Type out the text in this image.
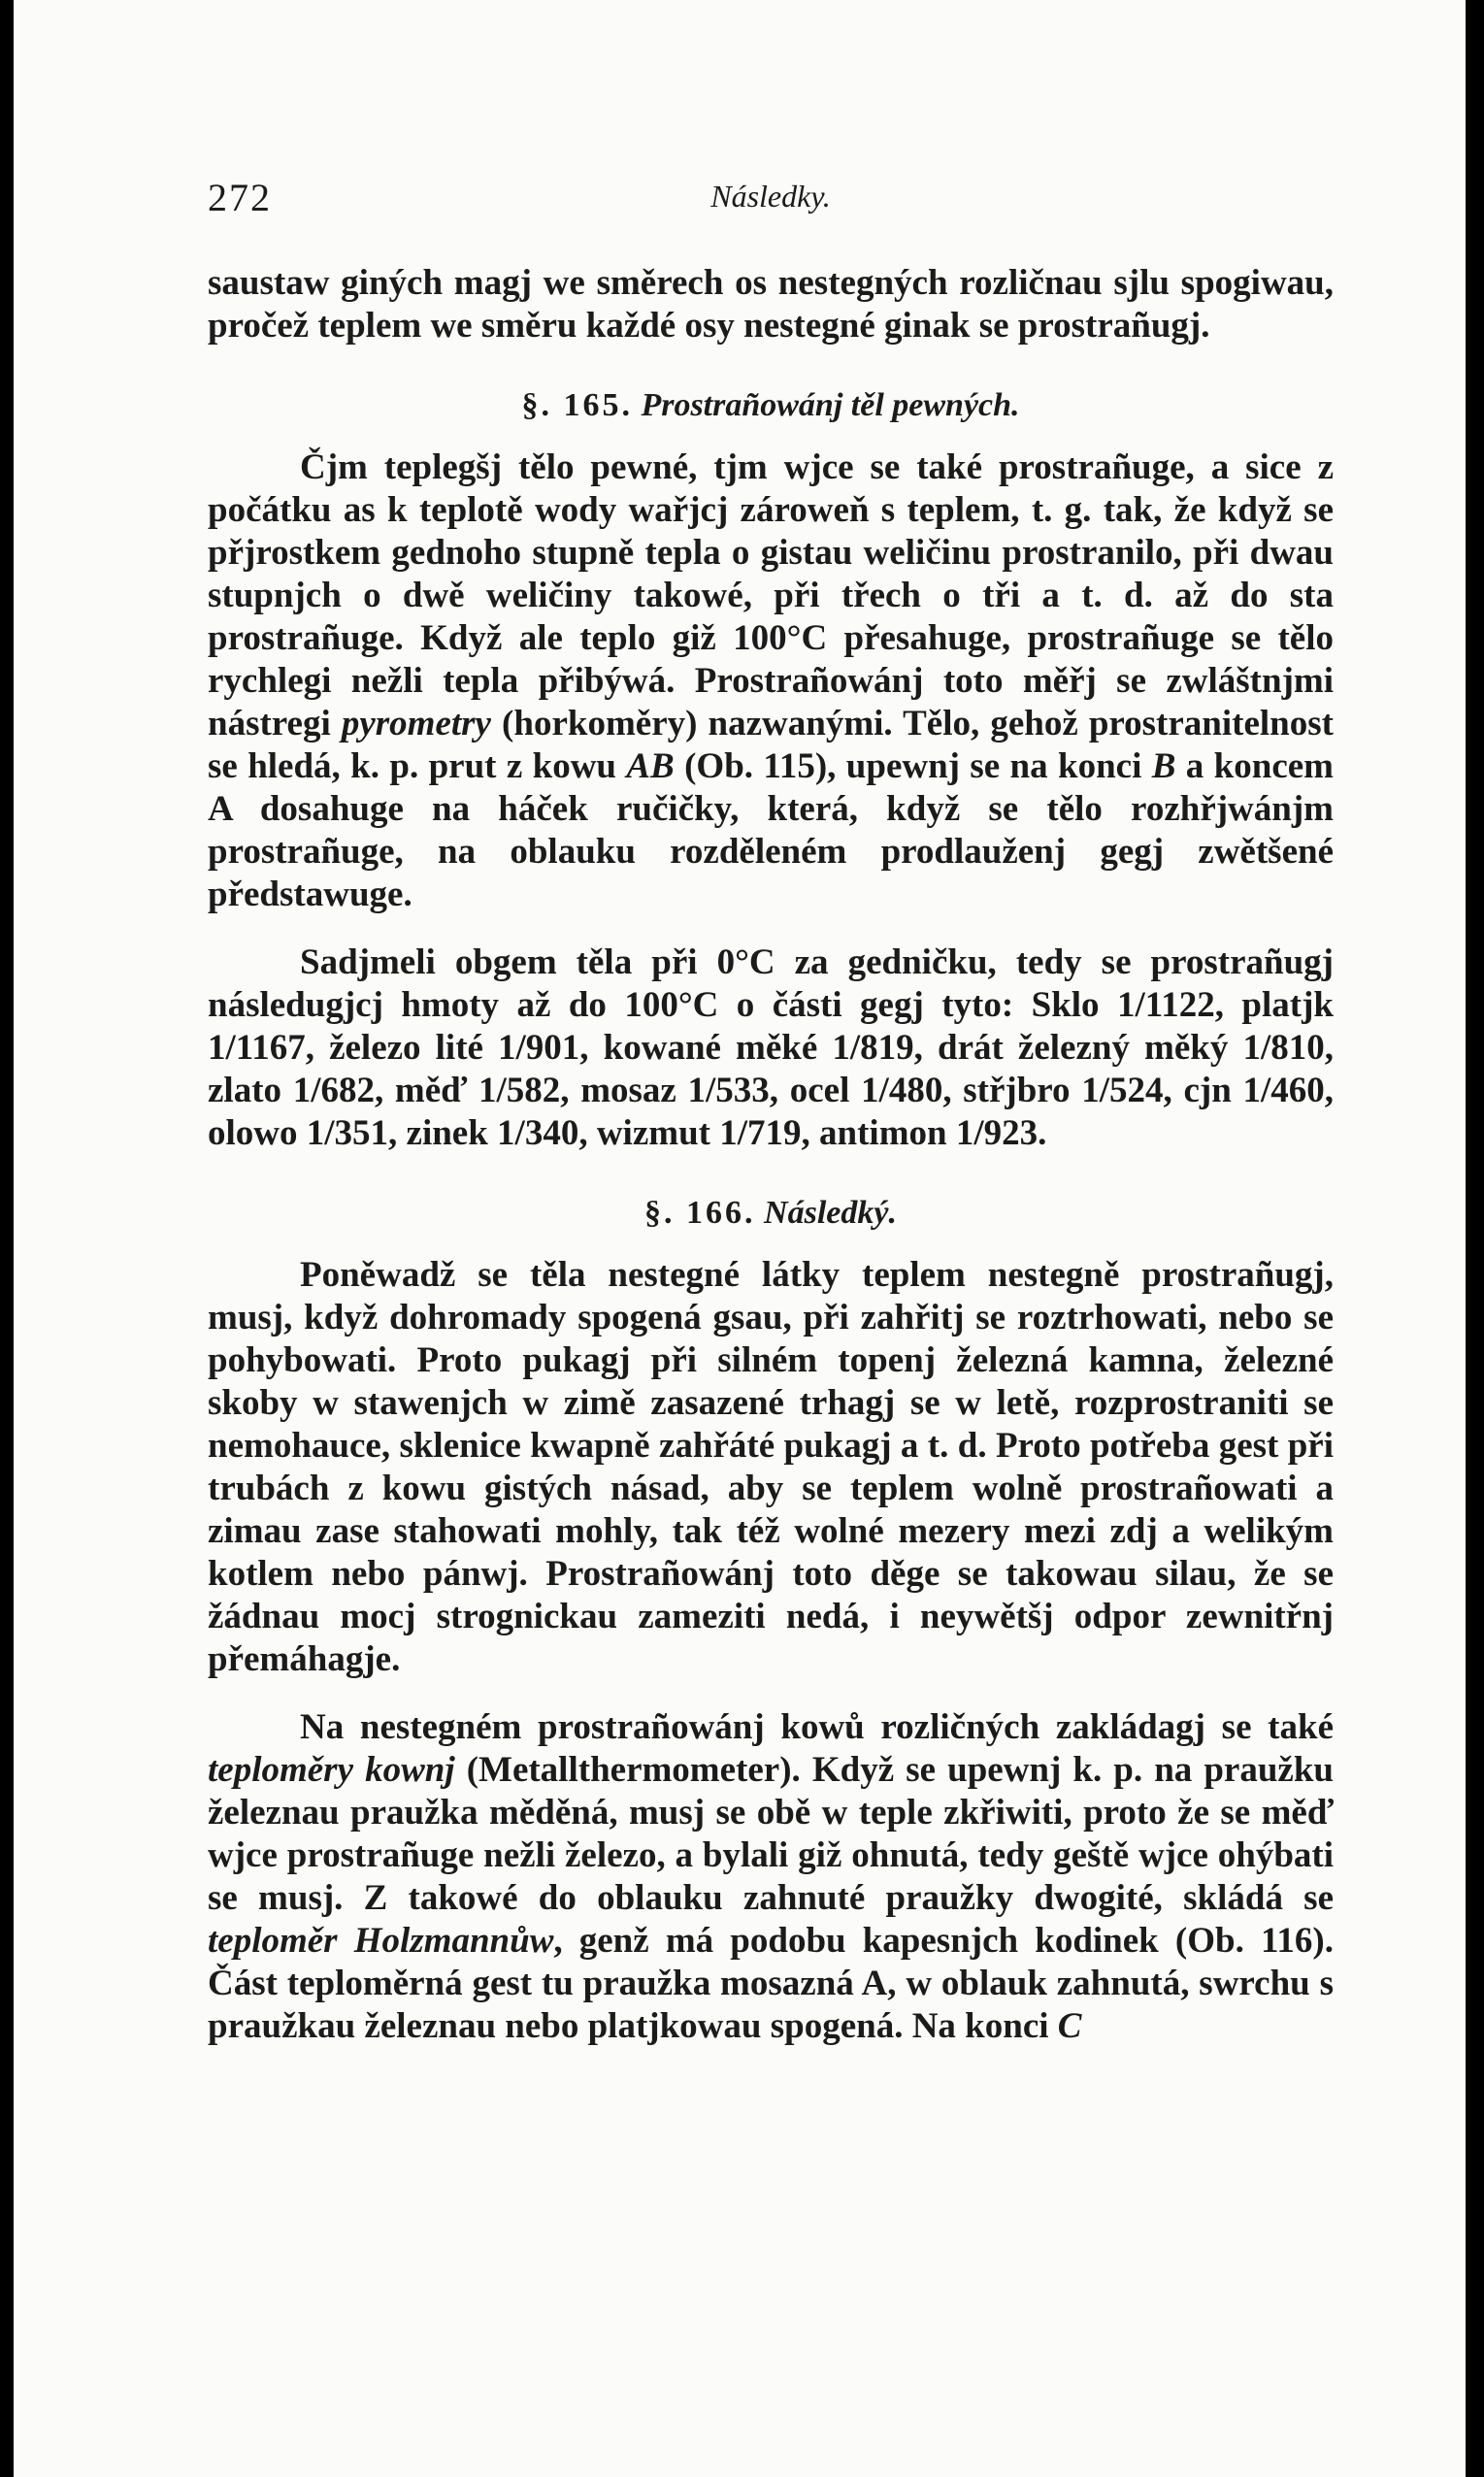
272	Následky.

saustaw giných magj we směrech os nestegných rozličnau sjlu spogiwau, pročež teplem we směru každé osy nestegné ginak se prostrañugj.

§. 165. Prostrañowánj těl pewných.

Čjm teplegšj tělo pewné, tjm wjce se také prostrañuge, a sice z počátku as k teplotě wody wařjcj zároweň s teplem, t. g. tak, že když se přjrostkem gednoho stupně tepla o gistau weličinu prostranilo, při dwau stupnjch o dwě weličiny takowé, při třech o tři a t. d. až do sta prostrañuge. Když ale teplo giž 100°C přesahuge, prostrañuge se tělo rychlegi nežli tepla přibýwá. Prostrañowánj toto měřj se zwláštnjmi nástregi pyrometry (horkoměry) nazwanými. Tělo, gehož prostranitelnost se hledá, k. p. prut z kowu AB (Ob. 115), upewnj se na konci B a koncem A dosahuge na háček ručičky, která, když se tělo rozhřjwánjm prostrañuge, na oblauku rozděleném prodlauženj gegj zwětšené předstawuge.

Sadjmeli obgem těla při 0°C za gedničku, tedy se prostrañugj následugjcj hmoty až do 100°C o části gegj tyto: Sklo 1/1122, platjk 1/1167, železo lité 1/901, kowané měké 1/819, drát železný měký 1/810, zlato 1/682, měď 1/582, mosaz 1/533, ocel 1/480, střjbro 1/524, cjn 1/460, olowo 1/351, zinek 1/340, wizmut 1/719, antimon 1/923.

§. 166. Následký.

Poněwadž se těla nestegné látky teplem nestegně prostrañugj, musj, když dohromady spogená gsau, při zahřitj se roztrhowati, nebo se pohybowati. Proto pukagj při silném topenj železná kamna, železné skoby w stawenjch w zimě zasazené trhagj se w letě, rozprostraniti se nemohauce, sklenice kwapně zahřáté pukagj a t. d. Proto potřeba gest při trubách z kowu gistých násad, aby se teplem wolně prostrañowati a zimau zase stahowati mohly, tak též wolné mezery mezi zdj a welikým kotlem nebo pánwj. Prostrañowánj toto děge se takowau silau, že se žádnau mocj strognickau zameziti nedá, i neywětšj odpor zewnitřnj přemáhagje.

Na nestegném prostrañowánj kowů rozličných zakládagj se také teploměry kownj (Metallthermometer). Když se upewnj k. p. na praužku železnau praužka měděná, musj se obě w teple zkřiwiti, proto že se měď wjce prostrañuge nežli železo, a bylali giž ohnutá, tedy geště wjce ohýbati se musj. Z takowé do oblauku zahnuté praužky dwogité, skládá se teploměr Holzmannůw, genž má podobu kapesnjch kodinek (Ob. 116). Část teploměrná gest tu praužka mosazná A, w oblauk zahnutá, swrchu s praužkau železnau nebo platjkowau spogená. Na konci C
